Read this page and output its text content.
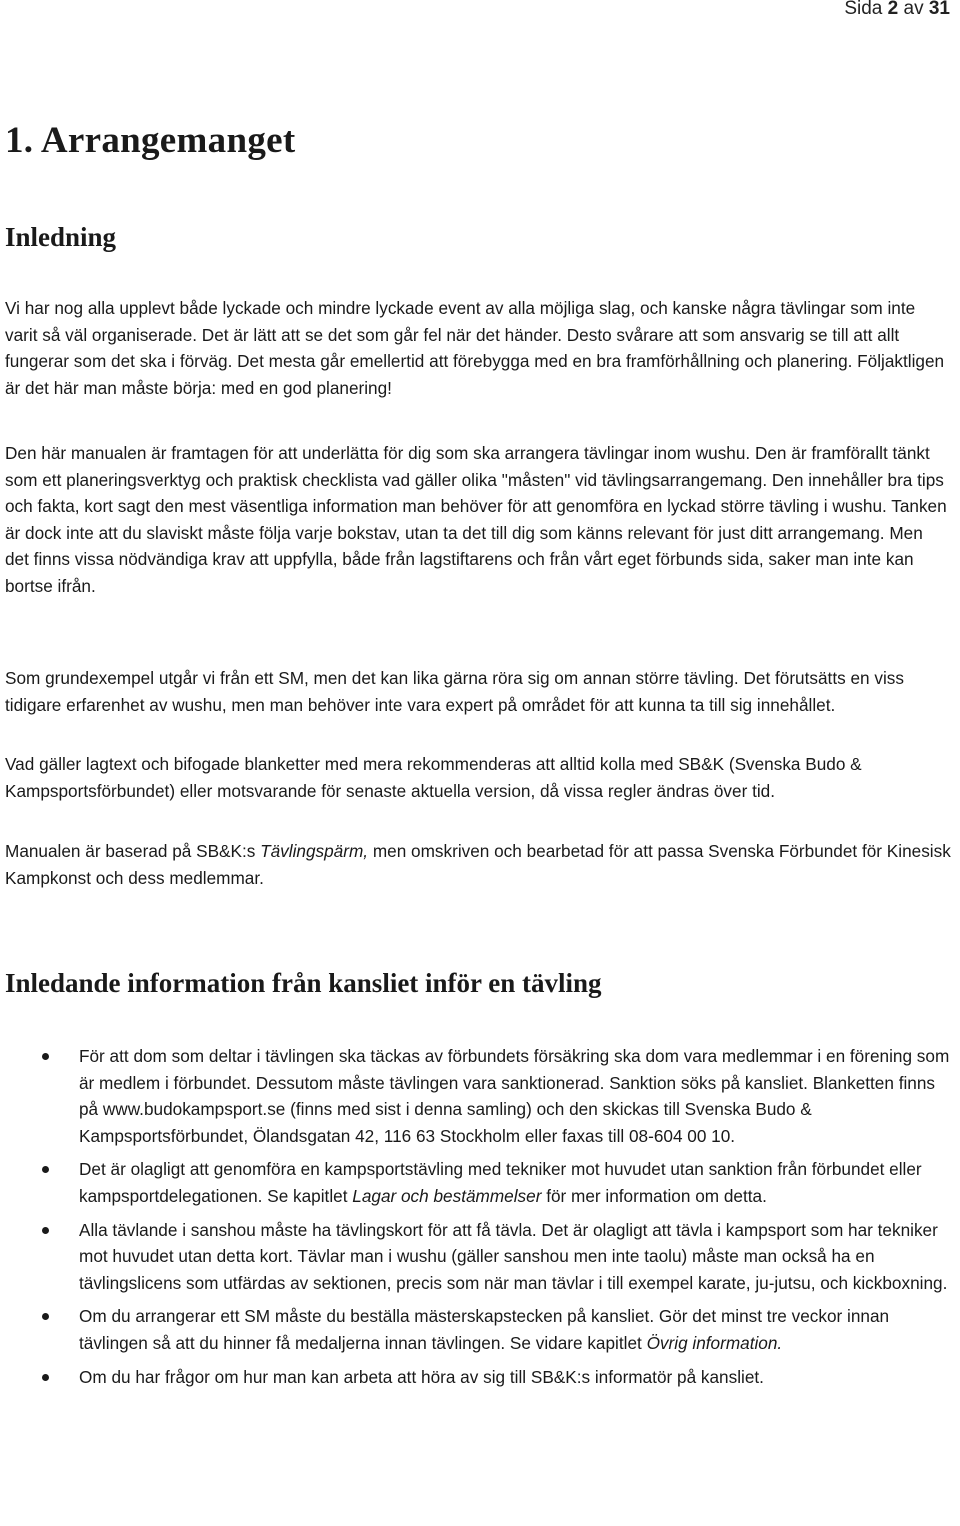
Sida 2 av 31
1. Arrangemanget
Inledning

Vi har nog alla upplevt både lyckade och mindre lyckade event av alla möjliga slag, och kanske några tävlingar som inte varit så väl organiserade. Det är lätt att se det som går fel när det händer. Desto svårare att som ansvarig se till att allt fungerar som det ska i förväg. Det mesta går emellertid att förebygga med en bra framförhållning och planering. Följaktligen är det här man måste börja: med en god planering!

Den här manualen är framtagen för att underlätta för dig som ska arrangera tävlingar inom wushu. Den är framförallt tänkt som ett planeringsverktyg och praktisk checklista vad gäller olika "måsten" vid tävlingsarrangemang. Den innehåller bra tips och fakta, kort sagt den mest väsentliga information man behöver för att genomföra en lyckad större tävling i wushu. Tanken är dock inte att du slaviskt måste följa varje bokstav, utan ta det till dig som känns relevant för just ditt arrangemang. Men det finns vissa nödvändiga krav att uppfylla, både från lagstiftarens och från vårt eget förbunds sida, saker man inte kan bortse ifrån.

Som grundexempel utgår vi från ett SM, men det kan lika gärna röra sig om annan större tävling. Det förutsätts en viss tidigare erfarenhet av wushu, men man behöver inte vara expert på området för att kunna ta till sig innehållet.

Vad gäller lagtext och bifogade blanketter med mera rekommenderas att alltid kolla med SB&K (Svenska Budo & Kampsportsförbundet) eller motsvarande för senaste aktuella version, då vissa regler ändras över tid.

Manualen är baserad på SB&K:s Tävlingspärm, men omskriven och bearbetad för att passa Svenska Förbundet för Kinesisk Kampkonst och dess medlemmar.

Inledande information från kansliet inför en tävling
För att dom som deltar i tävlingen ska täckas av förbundets försäkring ska dom vara medlemmar i en förening som är medlem i förbundet. Dessutom måste tävlingen vara sanktionerad. Sanktion söks på kansliet. Blanketten finns på www.budokampsport.se (finns med sist i denna samling) och den skickas till Svenska Budo & Kampsportsförbundet, Ölandsgatan 42, 116 63 Stockholm eller faxas till 08-604 00 10.
Det är olagligt att genomföra en kampsportstävling med tekniker mot huvudet utan sanktion från förbundet eller kampsportdelegationen. Se kapitlet Lagar och bestämmelser för mer information om detta.
Alla tävlande i sanshou måste ha tävlingskort för att få tävla. Det är olagligt att tävla i kampsport som har tekniker mot huvudet utan detta kort. Tävlar man i wushu (gäller sanshou men inte taolu) måste man också ha en tävlingslicens som utfärdas av sektionen, precis som när man tävlar i till exempel karate, ju-jutsu, och kickboxning.
Om du arrangerar ett SM måste du beställa mästerskapstecken på kansliet. Gör det minst tre veckor innan tävlingen så att du hinner få medaljerna innan tävlingen. Se vidare kapitlet Övrig information.
Om du har frågor om hur man kan arbeta att höra av sig till SB&K:s informatör på kansliet.
